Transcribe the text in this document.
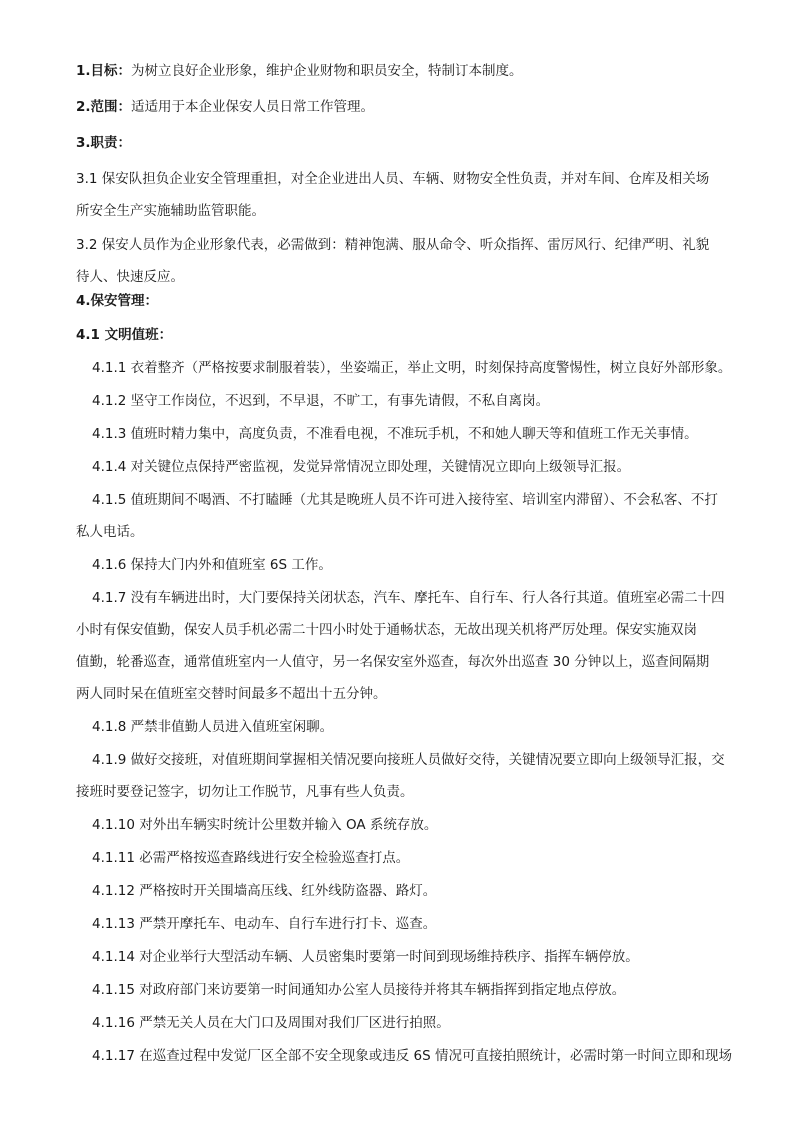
1.目标：为树立良好企业形象，维护企业财物和职员安全，特制订本制度。

2.范围：适适用于本企业保安人员日常工作管理。

3.职责：

3.1 保安队担负企业安全管理重担，对全企业进出人员、车辆、财物安全性负责，并对车间、仓库及相关场
所安全生产实施辅助监管职能。
3.2 保安人员作为企业形象代表，必需做到：精神饱满、服从命令、听众指挥、雷厉风行、纪律严明、礼貌
待人、快速反应。

4.保安管理：

4.1 文明值班：

4.1.1 衣着整齐（严格按要求制服着装），坐姿端正，举止文明，时刻保持高度警惕性，树立良好外部形象。

4.1.2 坚守工作岗位，不迟到，不早退，不旷工，有事先请假，不私自离岗。

4.1.3 值班时精力集中，高度负责，不准看电视，不准玩手机，不和她人聊天等和值班工作无关事情。

4.1.4 对关键位点保持严密监视，发觉异常情况立即处理，关键情况立即向上级领导汇报。

4.1.5 值班期间不喝酒、不打瞌睡（尤其是晚班人员不许可进入接待室、培训室内滞留）、不会私客、不打
私人电话。

4.1.6 保持大门内外和值班室 6S 工作。

4.1.7 没有车辆进出时，大门要保持关闭状态，汽车、摩托车、自行车、行人各行其道。值班室必需二十四
小时有保安值勤，保安人员手机必需二十四小时处于通畅状态，无故出现关机将严厉处理。保安实施双岗
值勤，轮番巡查，通常值班室内一人值守，另一名保安室外巡查，每次外出巡查 30 分钟以上，巡查间隔期
两人同时呆在值班室交替时间最多不超出十五分钟。

4.1.8 严禁非值勤人员进入值班室闲聊。

4.1.9 做好交接班，对值班期间掌握相关情况要向接班人员做好交待，关键情况要立即向上级领导汇报，交
接班时要登记签字，切勿让工作脱节，凡事有些人负责。

4.1.10 对外出车辆实时统计公里数并输入 OA 系统存放。

4.1.11 必需严格按巡查路线进行安全检验巡查打点。

4.1.12 严格按时开关围墙高压线、红外线防盗器、路灯。

4.1.13 严禁开摩托车、电动车、自行车进行打卡、巡查。

4.1.14 对企业举行大型活动车辆、人员密集时要第一时间到现场维持秩序、指挥车辆停放。

4.1.15 对政府部门来访要第一时间通知办公室人员接待并将其车辆指挥到指定地点停放。

4.1.16 严禁无关人员在大门口及周围对我们厂区进行拍照。

4.1.17 在巡查过程中发觉厂区全部不安全现象或违反 6S 情况可直接拍照统计，必需时第一时间立即和现场
